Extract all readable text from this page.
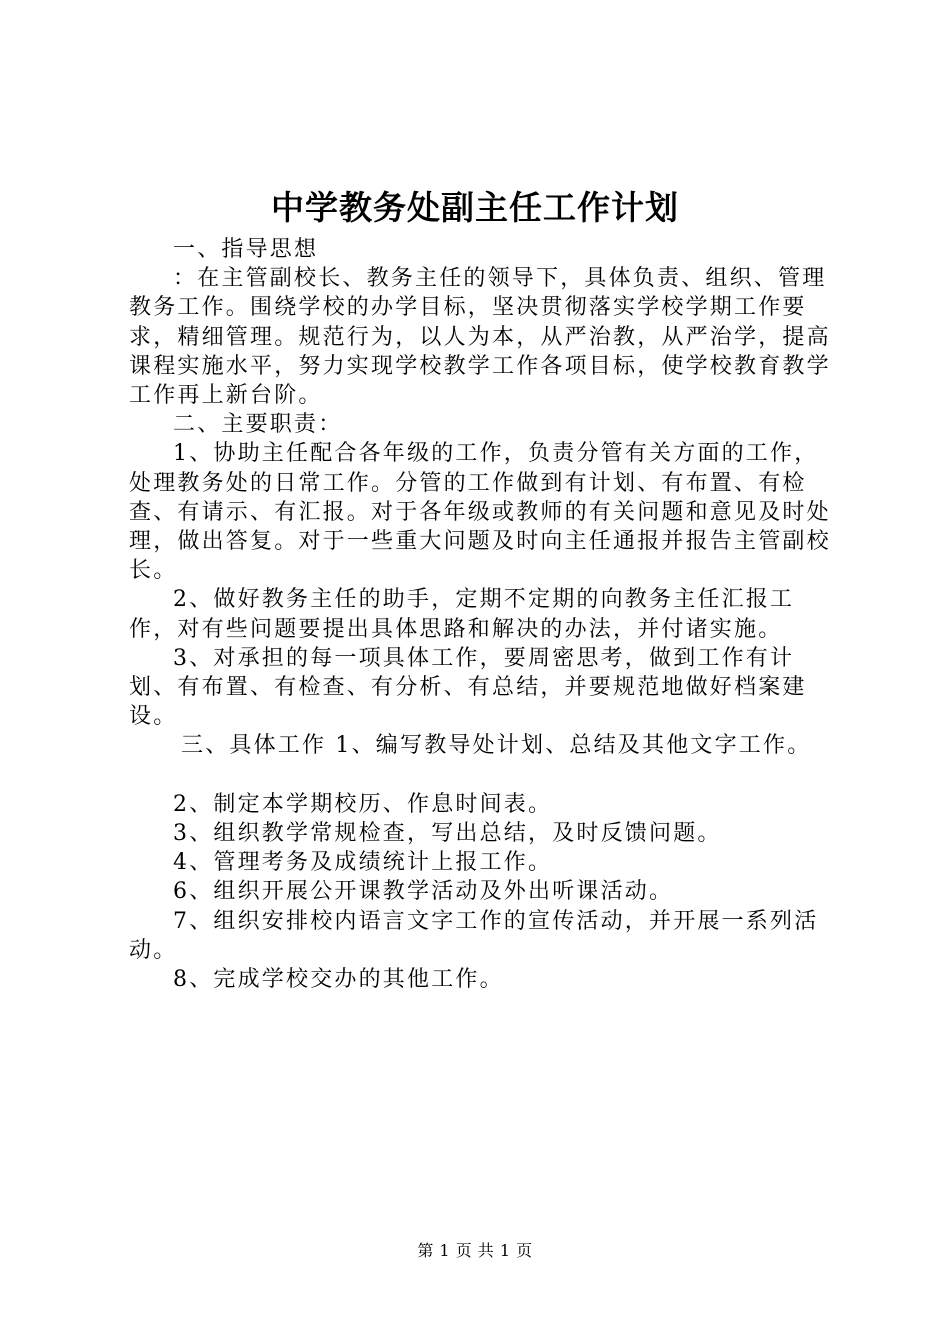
中学教务处副主任工作计划

一、指导思想

：在主管副校长、教务主任的领导下，具体负责、组织、管理教务工作。围绕学校的办学目标，坚决贯彻落实学校学期工作要求，精细管理。规范行为，以人为本，从严治教，从严治学，提高课程实施水平，努力实现学校教学工作各项目标，使学校教育教学工作再上新台阶。

二、主要职责：

1、协助主任配合各年级的工作，负责分管有关方面的工作，处理教务处的日常工作。分管的工作做到有计划、有布置、有检查、有请示、有汇报。对于各年级或教师的有关问题和意见及时处理，做出答复。对于一些重大问题及时向主任通报并报告主管副校长。

2、做好教务主任的助手，定期不定期的向教务主任汇报工作，对有些问题要提出具体思路和解决的办法，并付诸实施。

3、对承担的每一项具体工作，要周密思考，做到工作有计划、有布置、有检查、有分析、有总结，并要规范地做好档案建设。

三、具体工作 1、编写教导处计划、总结及其他文字工作。

2、制定本学期校历、作息时间表。

3、组织教学常规检查，写出总结，及时反馈问题。

4、管理考务及成绩统计上报工作。

6、组织开展公开课教学活动及外出听课活动。

7、组织安排校内语言文字工作的宣传活动，并开展一系列活动。

8、完成学校交办的其他工作。

第 1 页 共 1 页
